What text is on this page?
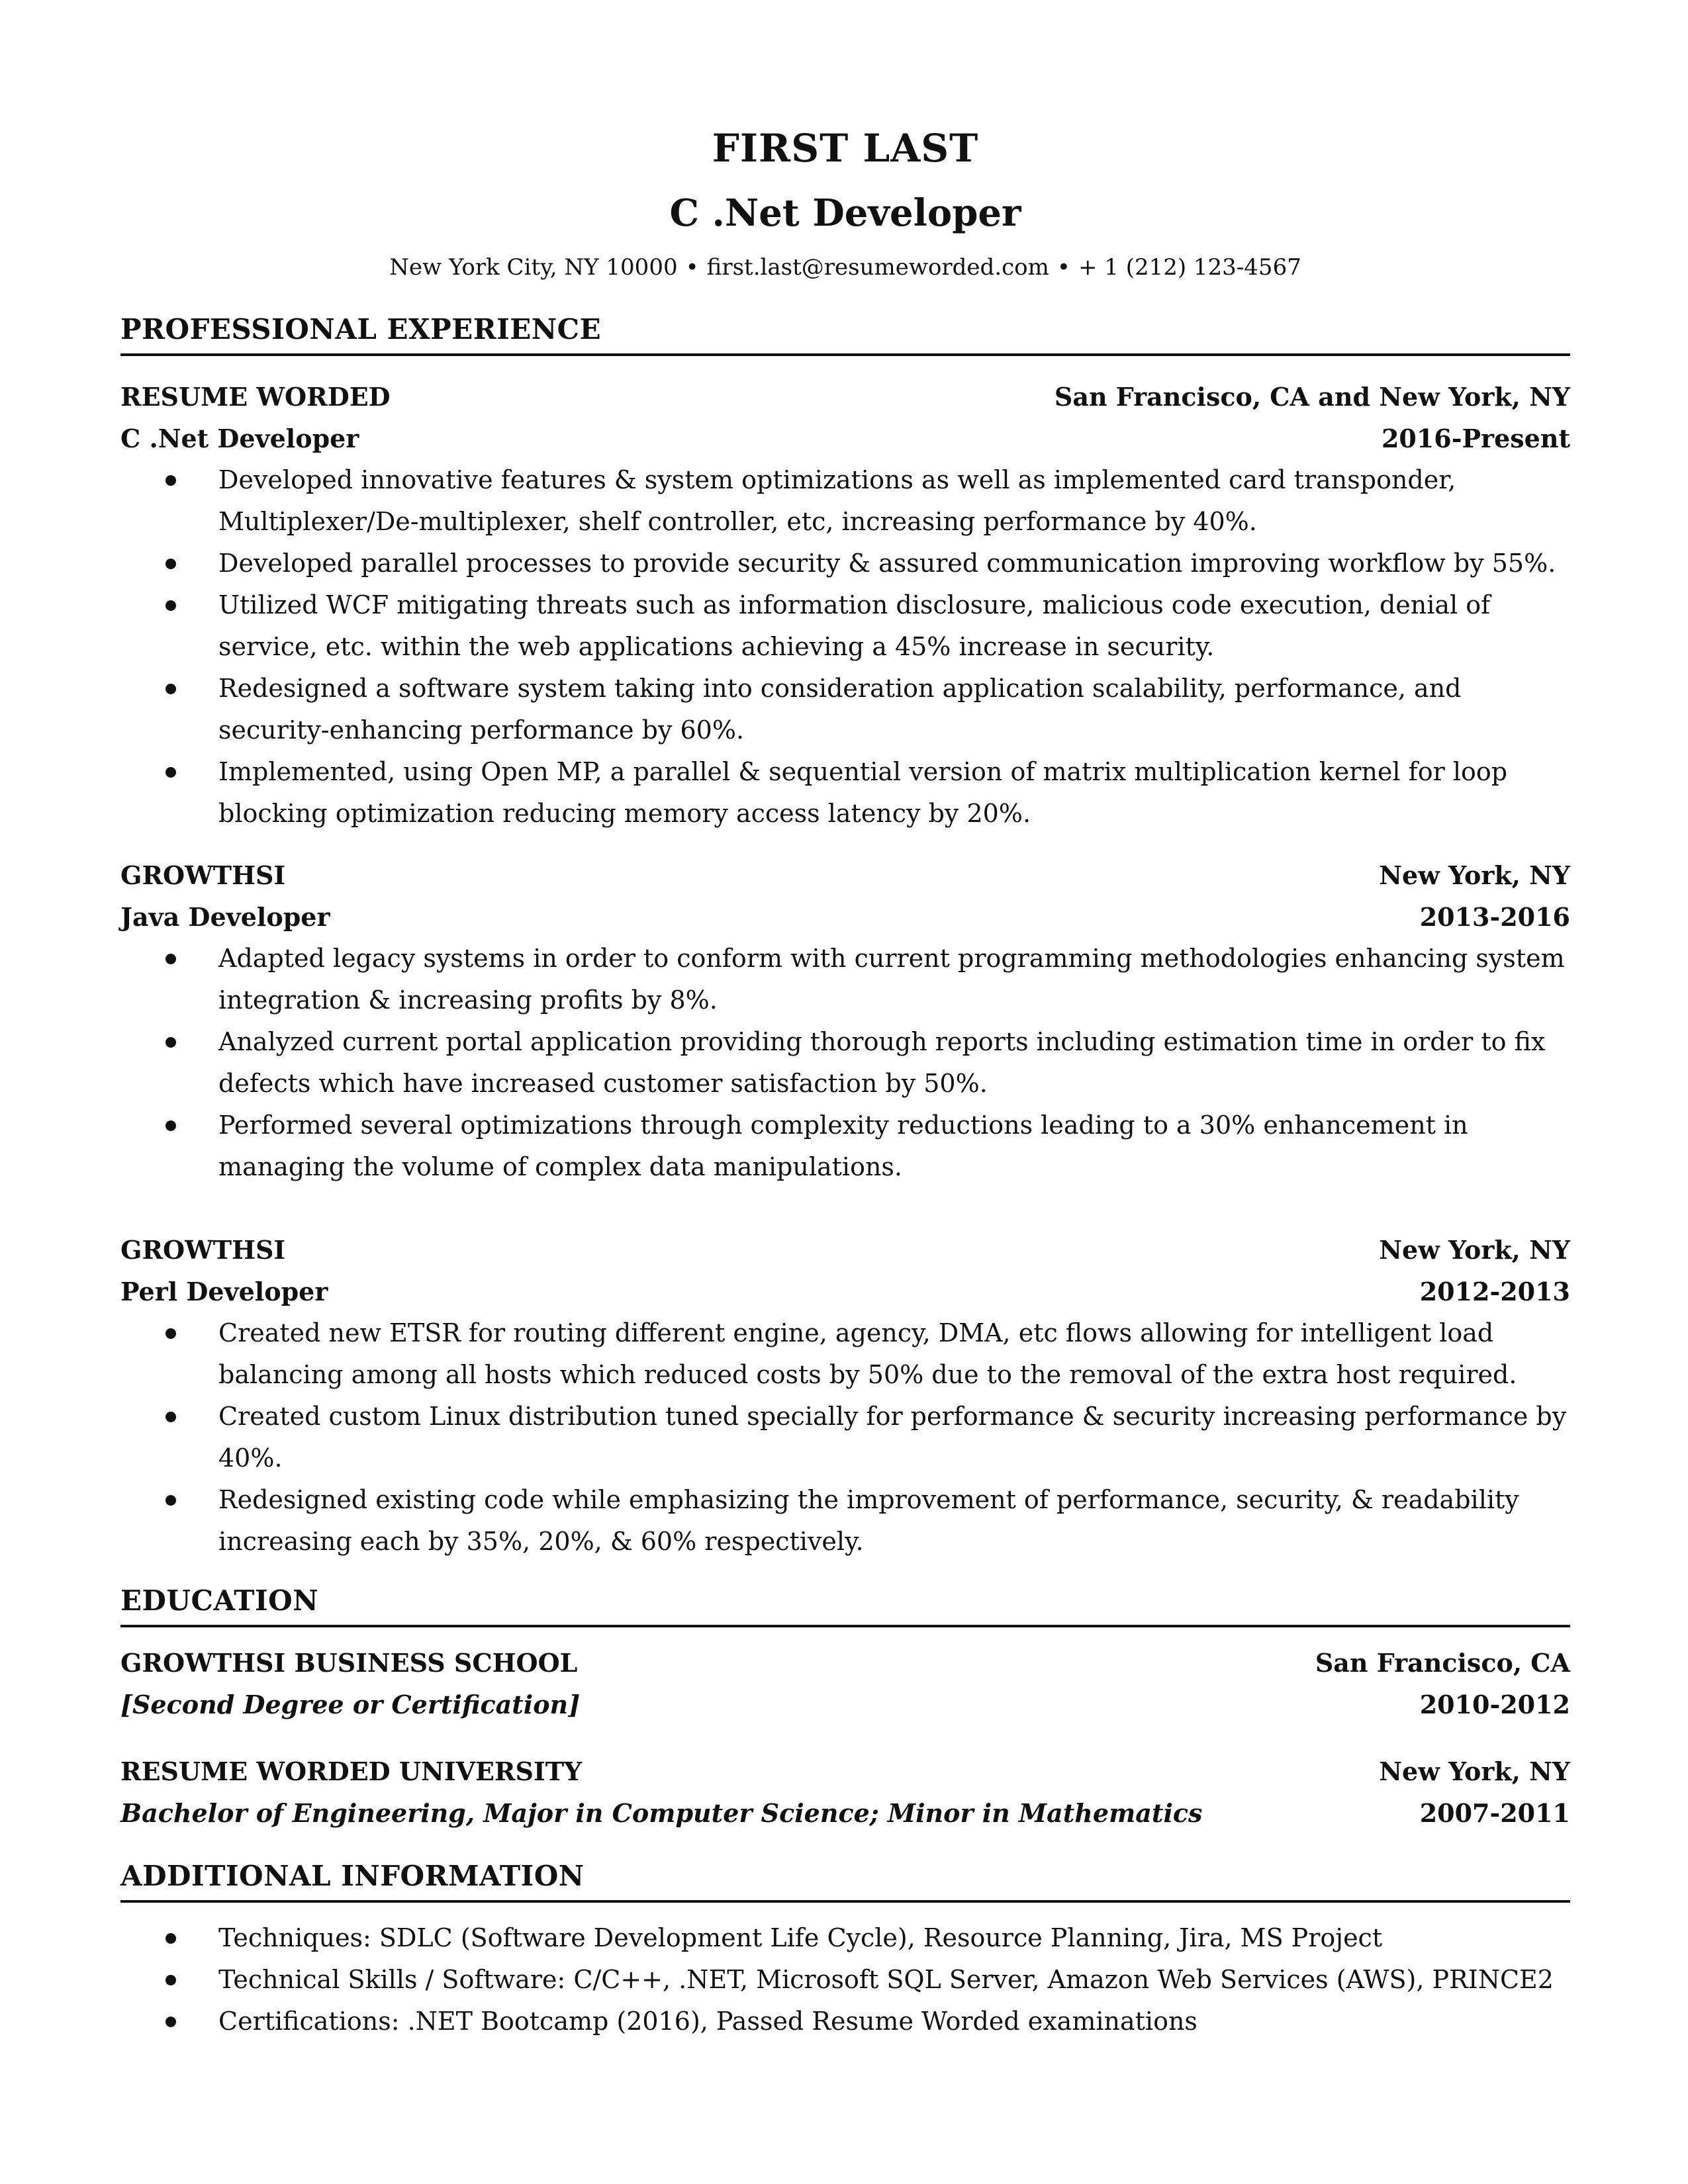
FIRST LAST
C .Net Developer
New York City, NY 10000 • first.last@resumeworded.com • + 1 (212) 123-4567
PROFESSIONAL EXPERIENCE
RESUME WORDED	San Francisco, CA and New York, NY
C .Net Developer	2016-Present
Developed innovative features & system optimizations as well as implemented card transponder, Multiplexer/De-multiplexer, shelf controller, etc, increasing performance by 40%.
Developed parallel processes to provide security & assured communication improving workflow by 55%.
Utilized WCF mitigating threats such as information disclosure, malicious code execution, denial of service, etc. within the web applications achieving a 45% increase in security.
Redesigned a software system taking into consideration application scalability, performance, and security-enhancing performance by 60%.
Implemented, using Open MP, a parallel & sequential version of matrix multiplication kernel for loop blocking optimization reducing memory access latency by 20%.
GROWTHSI	New York, NY
Java Developer	2013-2016
Adapted legacy systems in order to conform with current programming methodologies enhancing system integration & increasing profits by 8%.
Analyzed current portal application providing thorough reports including estimation time in order to fix defects which have increased customer satisfaction by 50%.
Performed several optimizations through complexity reductions leading to a 30% enhancement in managing the volume of complex data manipulations.
GROWTHSI	New York, NY
Perl Developer	2012-2013
Created new ETSR for routing different engine, agency, DMA, etc flows allowing for intelligent load balancing among all hosts which reduced costs by 50% due to the removal of the extra host required.
Created custom Linux distribution tuned specially for performance & security increasing performance by 40%.
Redesigned existing code while emphasizing the improvement of performance, security, & readability increasing each by 35%, 20%, & 60% respectively.
EDUCATION
GROWTHSI BUSINESS SCHOOL	San Francisco, CA
[Second Degree or Certification]	2010-2012
RESUME WORDED UNIVERSITY	New York, NY
Bachelor of Engineering, Major in Computer Science; Minor in Mathematics	2007-2011
ADDITIONAL INFORMATION
Techniques: SDLC (Software Development Life Cycle), Resource Planning, Jira, MS Project
Technical Skills / Software: C/C++, .NET, Microsoft SQL Server, Amazon Web Services (AWS), PRINCE2
Certifications: .NET Bootcamp (2016), Passed Resume Worded examinations
